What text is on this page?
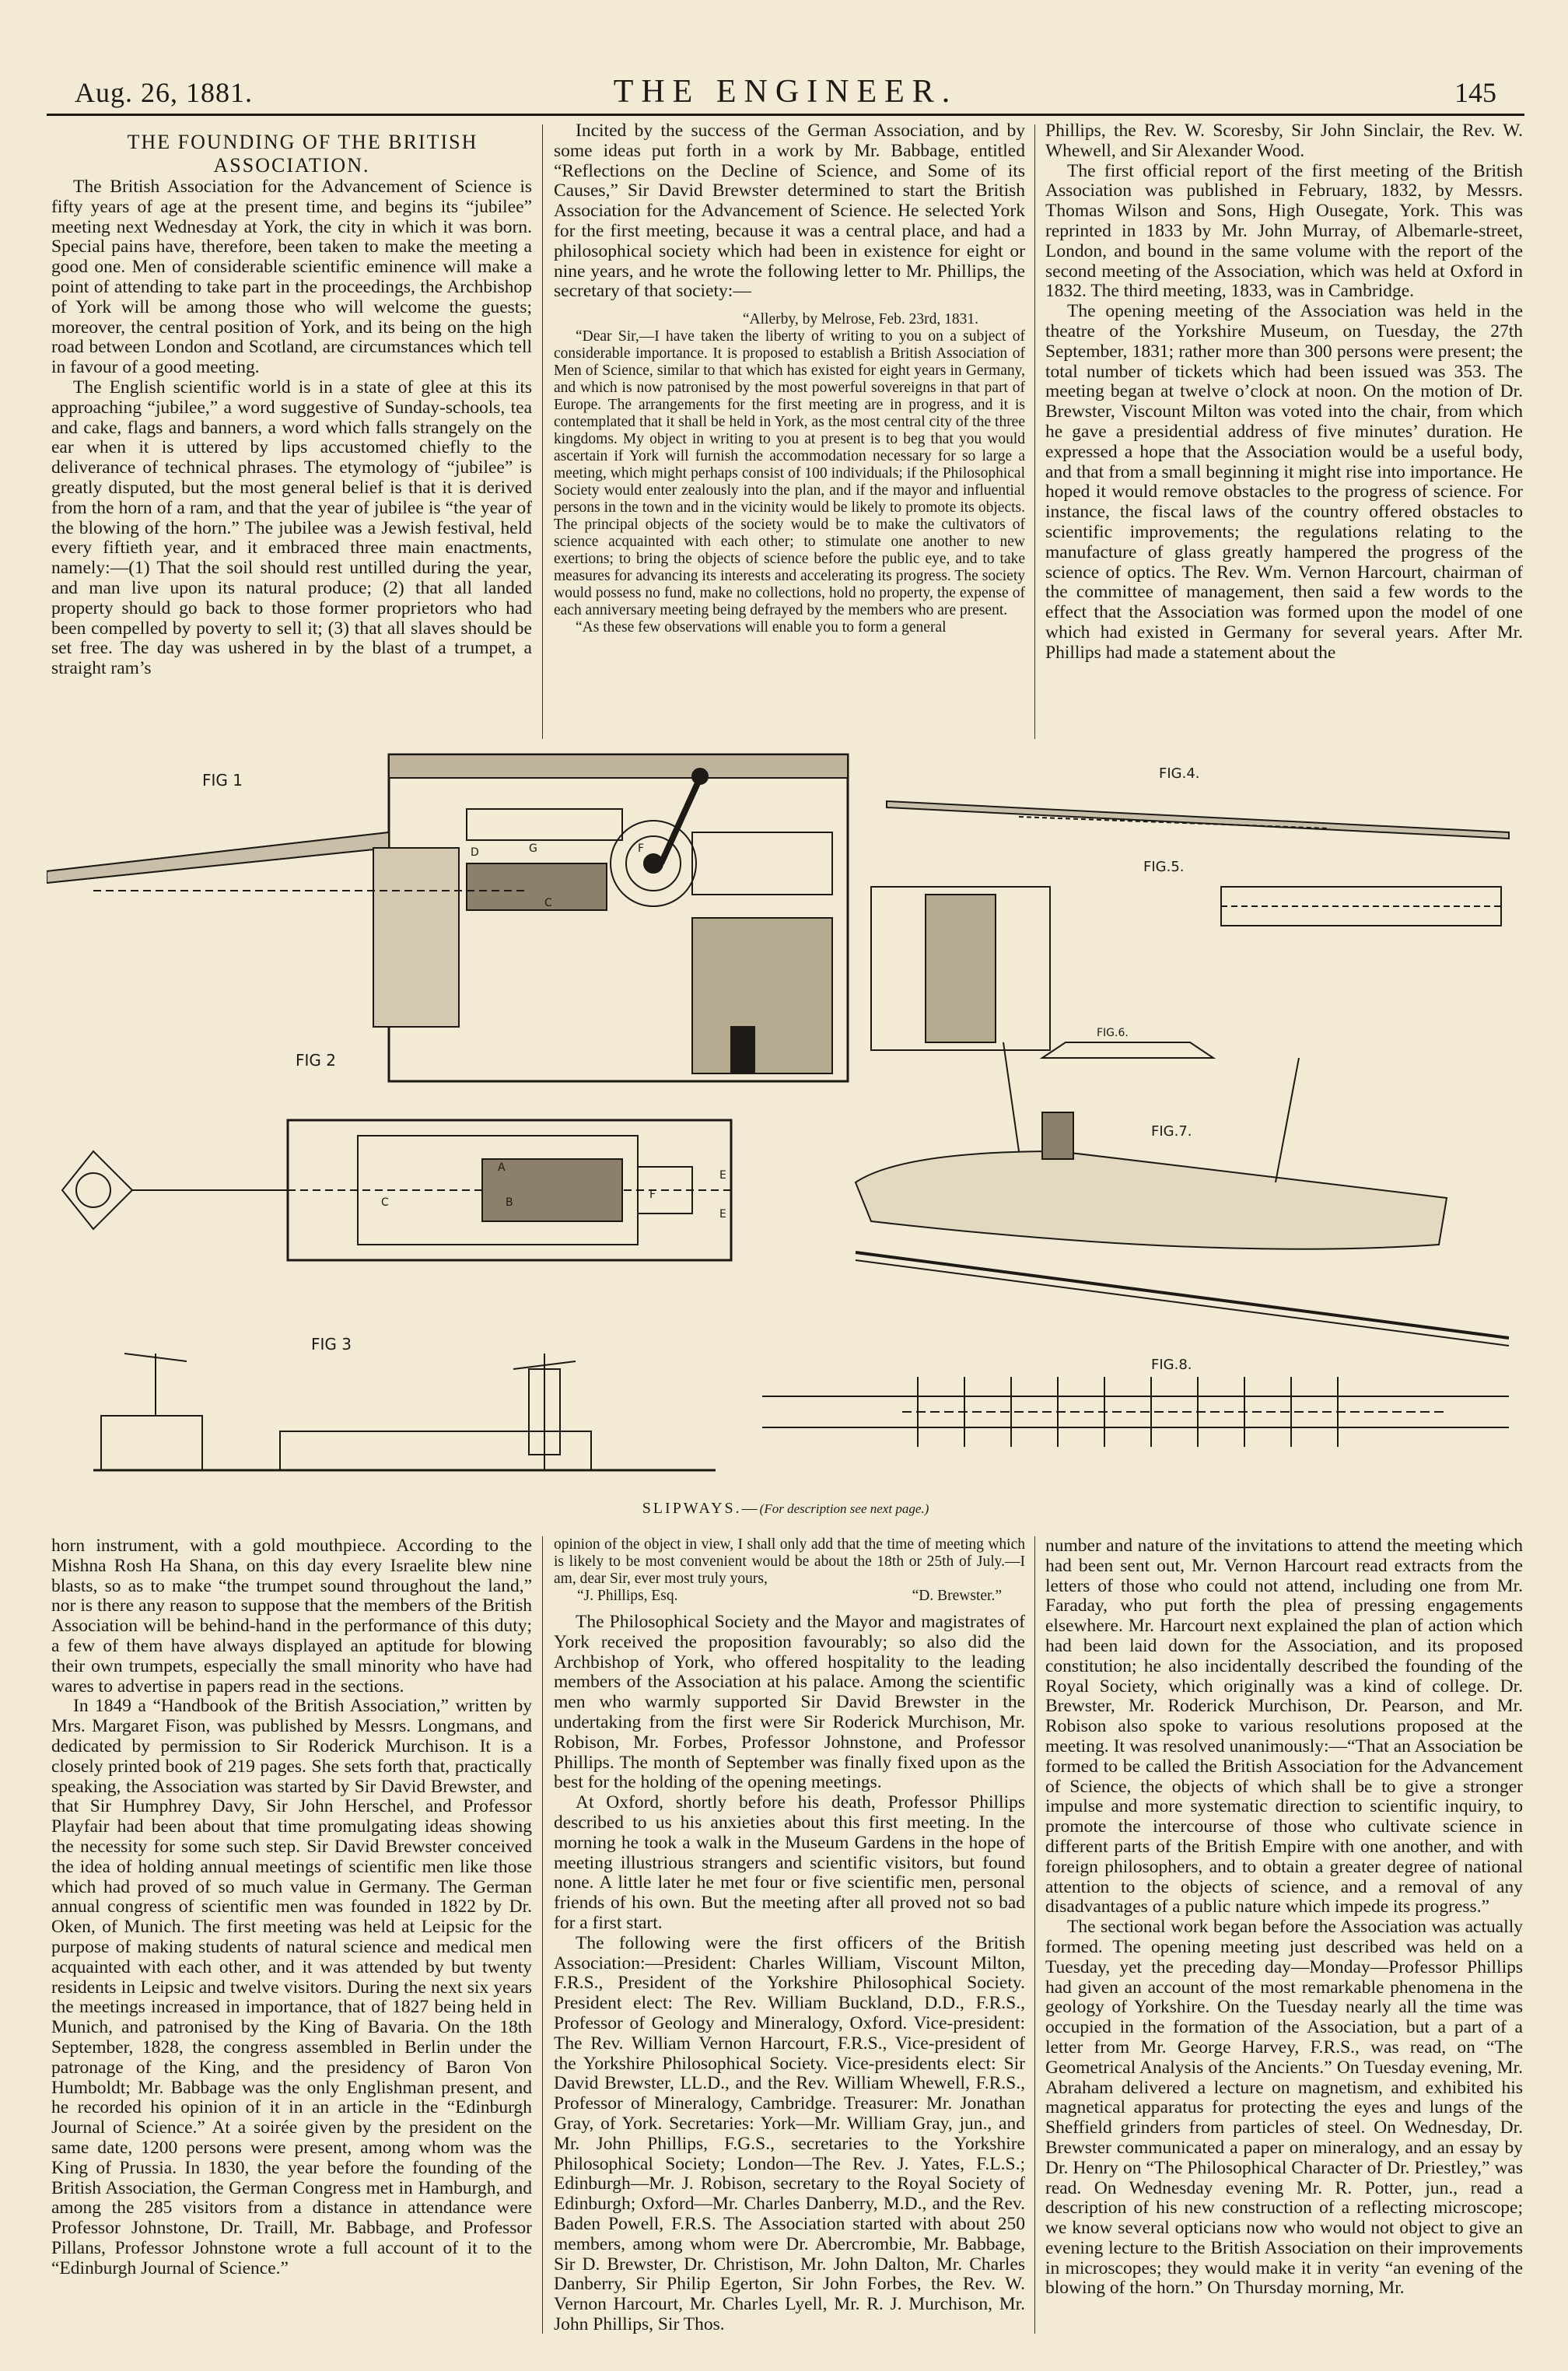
Aug. 26, 1881.	THE ENGINEER.	145

THE FOUNDING OF THE BRITISH ASSOCIATION.

The British Association for the Advancement of Science is fifty years of age at the present time, and begins its “jubilee” meeting next Wednesday at York, the city in which it was born. Special pains have, therefore, been taken to make the meeting a good one. Men of considerable scientific eminence will make a point of attending to take part in the proceedings, the Archbishop of York will be among those who will welcome the guests; moreover, the central position of York, and its being on the high road between London and Scotland, are circumstances which tell in favour of a good meeting.

The English scientific world is in a state of glee at this its approaching “jubilee,” a word suggestive of Sunday-schools, tea and cake, flags and banners, a word which falls strangely on the ear when it is uttered by lips accustomed chiefly to the deliverance of technical phrases. The etymology of “jubilee” is greatly disputed, but the most general belief is that it is derived from the horn of a ram, and that the year of jubilee is “the year of the blowing of the horn.” The jubilee was a Jewish festival, held every fiftieth year, and it embraced three main enactments, namely:—(1) That the soil should rest untilled during the year, and man live upon its natural produce; (2) that all landed property should go back to those former proprietors who had been compelled by poverty to sell it; (3) that all slaves should be set free. The day was ushered in by the blast of a trumpet, a straight ram’s

Incited by the success of the German Association, and by some ideas put forth in a work by Mr. Babbage, entitled “Reflections on the Decline of Science, and Some of its Causes,” Sir David Brewster determined to start the British Association for the Advancement of Science. He selected York for the first meeting, because it was a central place, and had a philosophical society which had been in existence for eight or nine years, and he wrote the following letter to Mr. Phillips, the secretary of that society:—

“Allerby, by Melrose, Feb. 23rd, 1831.

“Dear Sir,—I have taken the liberty of writing to you on a subject of considerable importance. It is proposed to establish a British Association of Men of Science, similar to that which has existed for eight years in Germany, and which is now patronised by the most powerful sovereigns in that part of Europe. The arrangements for the first meeting are in progress, and it is contemplated that it shall be held in York, as the most central city of the three kingdoms. My object in writing to you at present is to beg that you would ascertain if York will furnish the accommodation necessary for so large a meeting, which might perhaps consist of 100 individuals; if the Philosophical Society would enter zealously into the plan, and if the mayor and influential persons in the town and in the vicinity would be likely to promote its objects. The principal objects of the society would be to make the cultivators of science acquainted with each other; to stimulate one another to new exertions; to bring the objects of science before the public eye, and to take measures for advancing its interests and accelerating its progress. The society would possess no fund, make no collections, hold no property, the expense of each anniversary meeting being defrayed by the members who are present.

“As these few observations will enable you to form a general

Phillips, the Rev. W. Scoresby, Sir John Sinclair, the Rev. W. Whewell, and Sir Alexander Wood.

The first official report of the first meeting of the British Association was published in February, 1832, by Messrs. Thomas Wilson and Sons, High Ousegate, York. This was reprinted in 1833 by Mr. John Murray, of Albemarle-street, London, and bound in the same volume with the report of the second meeting of the Association, which was held at Oxford in 1832. The third meeting, 1833, was in Cambridge.

The opening meeting of the Association was held in the theatre of the Yorkshire Museum, on Tuesday, the 27th September, 1831; rather more than 300 persons were present; the total number of tickets which had been issued was 353. The meeting began at twelve o’clock at noon. On the motion of Dr. Brewster, Viscount Milton was voted into the chair, from which he gave a presidential address of five minutes’ duration. He expressed a hope that the Association would be a useful body, and that from a small beginning it might rise into importance. He hoped it would remove obstacles to the progress of science. For instance, the fiscal laws of the country offered obstacles to scientific improvements; the regulations relating to the manufacture of glass greatly hampered the progress of the science of optics. The Rev. Wm. Vernon Harcourt, chairman of the committee of management, then said a few words to the effect that the Association was formed upon the model of one which had existed in Germany for several years. After Mr. Phillips had made a statement about the

FIG 1
D	G	F
C
FIG 2
A
B
C
F
E
E
FIG 3
FIG.4.
FIG.5.
FIG.6.
FIG.7.
FIG.8.
SLIPWAYS.—(For description see next page.)

horn instrument, with a gold mouthpiece. According to the Mishna Rosh Ha Shana, on this day every Israelite blew nine blasts, so as to make “the trumpet sound throughout the land,” nor is there any reason to suppose that the members of the British Association will be behind-hand in the performance of this duty; a few of them have always displayed an aptitude for blowing their own trumpets, especially the small minority who have had wares to advertise in papers read in the sections.

In 1849 a “Handbook of the British Association,” written by Mrs. Margaret Fison, was published by Messrs. Longmans, and dedicated by permission to Sir Roderick Murchison. It is a closely printed book of 219 pages. She sets forth that, practically speaking, the Association was started by Sir David Brewster, and that Sir Humphrey Davy, Sir John Herschel, and Professor Playfair had been about that time promulgating ideas showing the necessity for some such step. Sir David Brewster conceived the idea of holding annual meetings of scientific men like those which had proved of so much value in Germany. The German annual congress of scientific men was founded in 1822 by Dr. Oken, of Munich. The first meeting was held at Leipsic for the purpose of making students of natural science and medical men acquainted with each other, and it was attended by but twenty residents in Leipsic and twelve visitors. During the next six years the meetings increased in importance, that of 1827 being held in Munich, and patronised by the King of Bavaria. On the 18th September, 1828, the congress assembled in Berlin under the patronage of the King, and the presidency of Baron Von Humboldt; Mr. Babbage was the only Englishman present, and he recorded his opinion of it in an article in the “Edinburgh Journal of Science.” At a soirée given by the president on the same date, 1200 persons were present, among whom was the King of Prussia. In 1830, the year before the founding of the British Association, the German Congress met in Hamburgh, and among the 285 visitors from a distance in attendance were Professor Johnstone, Dr. Traill, Mr. Babbage, and Professor Pillans, Professor Johnstone wrote a full account of it to the “Edinburgh Journal of Science.”

opinion of the object in view, I shall only add that the time of meeting which is likely to be most convenient would be about the 18th or 25th of July.—I am, dear Sir, ever most truly yours,

“J. Phillips, Esq.	“D. Brewster.”

The Philosophical Society and the Mayor and magistrates of York received the proposition favourably; so also did the Archbishop of York, who offered hospitality to the leading members of the Association at his palace. Among the scientific men who warmly supported Sir David Brewster in the undertaking from the first were Sir Roderick Murchison, Mr. Robison, Mr. Forbes, Professor Johnstone, and Professor Phillips. The month of September was finally fixed upon as the best for the holding of the opening meetings.

At Oxford, shortly before his death, Professor Phillips described to us his anxieties about this first meeting. In the morning he took a walk in the Museum Gardens in the hope of meeting illustrious strangers and scientific visitors, but found none. A little later he met four or five scientific men, personal friends of his own. But the meeting after all proved not so bad for a first start.

The following were the first officers of the British Association:—President: Charles William, Viscount Milton, F.R.S., President of the Yorkshire Philosophical Society. President elect: The Rev. William Buckland, D.D., F.R.S., Professor of Geology and Mineralogy, Oxford. Vice-president: The Rev. William Vernon Harcourt, F.R.S., Vice-president of the Yorkshire Philosophical Society. Vice-presidents elect: Sir David Brewster, LL.D., and the Rev. William Whewell, F.R.S., Professor of Mineralogy, Cambridge. Treasurer: Mr. Jonathan Gray, of York. Secretaries: York—Mr. William Gray, jun., and Mr. John Phillips, F.G.S., secretaries to the Yorkshire Philosophical Society; London—The Rev. J. Yates, F.L.S.; Edinburgh—Mr. J. Robison, secretary to the Royal Society of Edinburgh; Oxford—Mr. Charles Danberry, M.D., and the Rev. Baden Powell, F.R.S. The Association started with about 250 members, among whom were Dr. Abercrombie, Mr. Babbage, Sir D. Brewster, Dr. Christison, Mr. John Dalton, Mr. Charles Danberry, Sir Philip Egerton, Sir John Forbes, the Rev. W. Vernon Harcourt, Mr. Charles Lyell, Mr. R. J. Murchison, Mr. John Phillips, Sir Thos.

number and nature of the invitations to attend the meeting which had been sent out, Mr. Vernon Harcourt read extracts from the letters of those who could not attend, including one from Mr. Faraday, who put forth the plea of pressing engagements elsewhere. Mr. Harcourt next explained the plan of action which had been laid down for the Association, and its proposed constitution; he also incidentally described the founding of the Royal Society, which originally was a kind of college. Dr. Brewster, Mr. Roderick Murchison, Dr. Pearson, and Mr. Robison also spoke to various resolutions proposed at the meeting. It was resolved unanimously:—“That an Association be formed to be called the British Association for the Advancement of Science, the objects of which shall be to give a stronger impulse and more systematic direction to scientific inquiry, to promote the intercourse of those who cultivate science in different parts of the British Empire with one another, and with foreign philosophers, and to obtain a greater degree of national attention to the objects of science, and a removal of any disadvantages of a public nature which impede its progress.”

The sectional work began before the Association was actually formed. The opening meeting just described was held on a Tuesday, yet the preceding day—Monday—Professor Phillips had given an account of the most remarkable phenomena in the geology of Yorkshire. On the Tuesday nearly all the time was occupied in the formation of the Association, but a part of a letter from Mr. George Harvey, F.R.S., was read, on “The Geometrical Analysis of the Ancients.” On Tuesday evening, Mr. Abraham delivered a lecture on magnetism, and exhibited his magnetical apparatus for protecting the eyes and lungs of the Sheffield grinders from particles of steel. On Wednesday, Dr. Brewster communicated a paper on mineralogy, and an essay by Dr. Henry on “The Philosophical Character of Dr. Priestley,” was read. On Wednesday evening Mr. R. Potter, jun., read a description of his new construction of a reflecting microscope; we know several opticians now who would not object to give an evening lecture to the British Association on their improvements in microscopes; they would make it in verity “an evening of the blowing of the horn.” On Thursday morning, Mr.
